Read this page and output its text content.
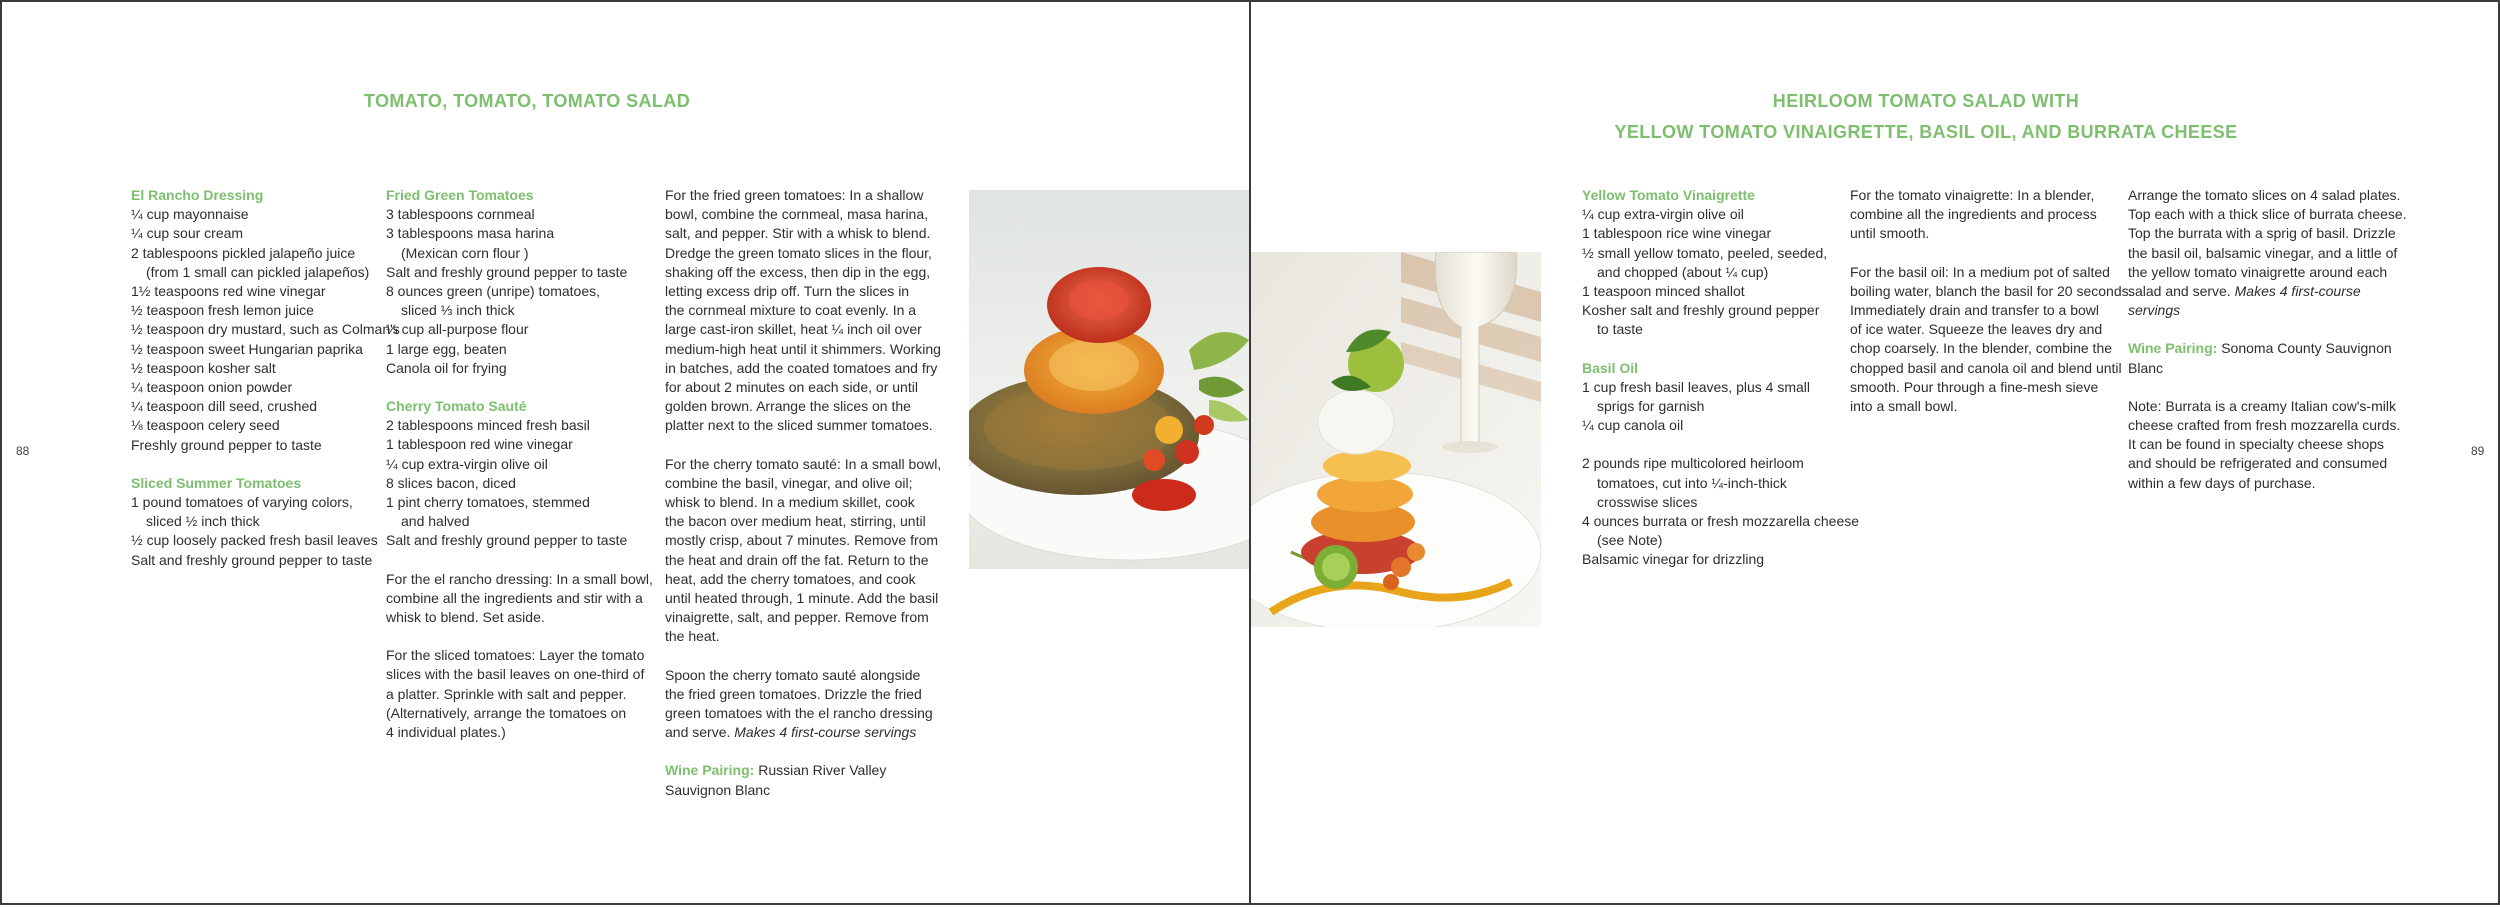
TOMATO, TOMATO, TOMATO SALAD
88
El Rancho Dressing
¼ cup mayonnaise
¼ cup sour cream
2 tablespoons pickled jalapeño juice
(from 1 small can pickled jalapeños)
1½ teaspoons red wine vinegar
½ teaspoon fresh lemon juice
½ teaspoon dry mustard, such as Colman's
½ teaspoon sweet Hungarian paprika
½ teaspoon kosher salt
¼ teaspoon onion powder
¼ teaspoon dill seed, crushed
⅛ teaspoon celery seed
Freshly ground pepper to taste
Sliced Summer Tomatoes
1 pound tomatoes of varying colors,
sliced ½ inch thick
½ cup loosely packed fresh basil leaves
Salt and freshly ground pepper to taste
Fried Green Tomatoes
3 tablespoons cornmeal
3 tablespoons masa harina
(Mexican corn flour )
Salt and freshly ground pepper to taste
8 ounces green (unripe) tomatoes,
sliced ⅓ inch thick
¼ cup all-purpose flour
1 large egg, beaten
Canola oil for frying
Cherry Tomato Sauté
2 tablespoons minced fresh basil
1 tablespoon red wine vinegar
¼ cup extra-virgin olive oil
8 slices bacon, diced
1 pint cherry tomatoes, stemmed
and halved
Salt and freshly ground pepper to taste
For the el rancho dressing: In a small bowl,
combine all the ingredients and stir with a
whisk to blend. Set aside.
For the sliced tomatoes: Layer the tomato
slices with the basil leaves on one-third of
a platter. Sprinkle with salt and pepper.
(Alternatively, arrange the tomatoes on
4 individual plates.)
For the fried green tomatoes: In a shallow
bowl, combine the cornmeal, masa harina,
salt, and pepper. Stir with a whisk to blend.
Dredge the green tomato slices in the flour,
shaking off the excess, then dip in the egg,
letting excess drip off. Turn the slices in
the cornmeal mixture to coat evenly. In a
large cast-iron skillet, heat ¼ inch oil over
medium-high heat until it shimmers. Working
in batches, add the coated tomatoes and fry
for about 2 minutes on each side, or until
golden brown. Arrange the slices on the
platter next to the sliced summer tomatoes.
For the cherry tomato sauté: In a small bowl,
combine the basil, vinegar, and olive oil;
whisk to blend. In a medium skillet, cook
the bacon over medium heat, stirring, until
mostly crisp, about 7 minutes. Remove from
the heat and drain off the fat. Return to the
heat, add the cherry tomatoes, and cook
until heated through, 1 minute. Add the basil
vinaigrette, salt, and pepper. Remove from
the heat.
Spoon the cherry tomato sauté alongside
the fried green tomatoes. Drizzle the fried
green tomatoes with the el rancho dressing
and serve. Makes 4 first-course servings
Wine Pairing: Russian River Valley
Sauvignon Blanc
HEIRLOOM TOMATO SALAD WITH
YELLOW TOMATO VINAIGRETTE, BASIL OIL, AND BURRATA CHEESE
89
Yellow Tomato Vinaigrette
¼ cup extra-virgin olive oil
1 tablespoon rice wine vinegar
½ small yellow tomato, peeled, seeded,
and chopped (about ¼ cup)
1 teaspoon minced shallot
Kosher salt and freshly ground pepper
to taste
Basil Oil
1 cup fresh basil leaves, plus 4 small
sprigs for garnish
¼ cup canola oil
2 pounds ripe multicolored heirloom
tomatoes, cut into ¼-inch-thick
crosswise slices
4 ounces burrata or fresh mozzarella cheese
(see Note)
Balsamic vinegar for drizzling
For the tomato vinaigrette: In a blender,
combine all the ingredients and process
until smooth.
For the basil oil: In a medium pot of salted
boiling water, blanch the basil for 20 seconds.
Immediately drain and transfer to a bowl
of ice water. Squeeze the leaves dry and
chop coarsely. In the blender, combine the
chopped basil and canola oil and blend until
smooth. Pour through a fine-mesh sieve
into a small bowl.
Arrange the tomato slices on 4 salad plates.
Top each with a thick slice of burrata cheese.
Top the burrata with a sprig of basil. Drizzle
the basil oil, balsamic vinegar, and a little of
the yellow tomato vinaigrette around each
salad and serve. Makes 4 first-course
servings
Wine Pairing: Sonoma County Sauvignon
Blanc
Note: Burrata is a creamy Italian cow's-milk
cheese crafted from fresh mozzarella curds.
It can be found in specialty cheese shops
and should be refrigerated and consumed
within a few days of purchase.
